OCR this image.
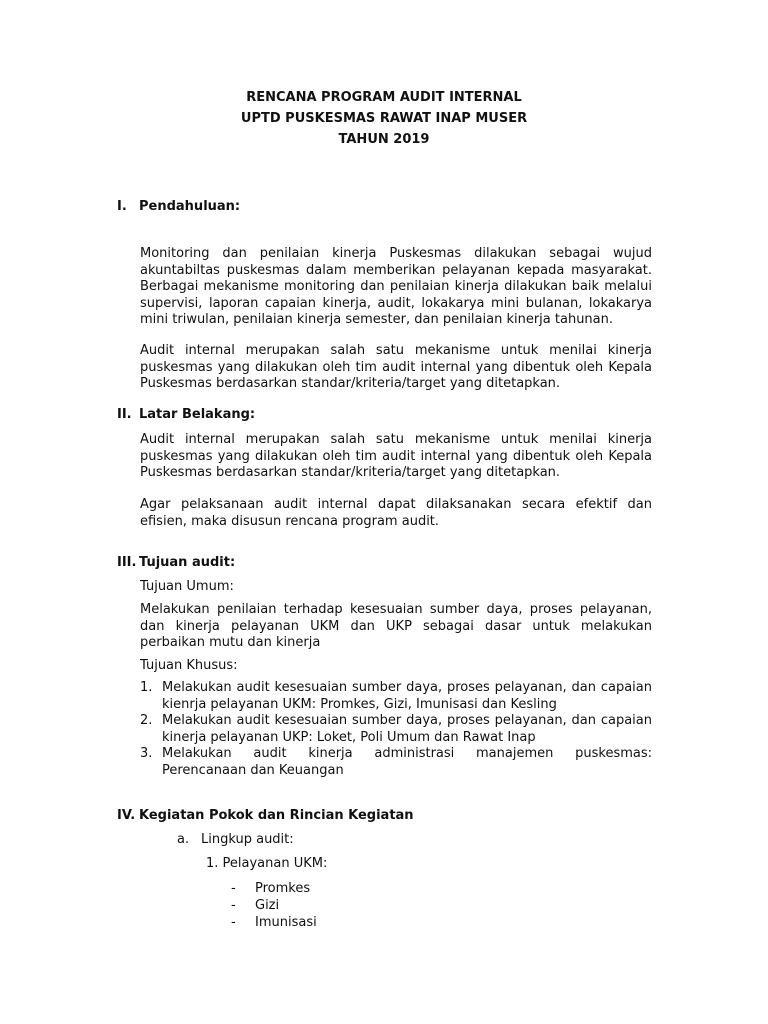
RENCANA PROGRAM AUDIT INTERNAL
UPTD PUSKESMAS RAWAT INAP MUSER
TAHUN 2019
I. Pendahuluan:
Monitoring dan penilaian kinerja Puskesmas dilakukan sebagai wujud akuntabiltas puskesmas dalam memberikan pelayanan kepada masyarakat. Berbagai mekanisme monitoring dan penilaian kinerja dilakukan baik melalui supervisi, laporan capaian kinerja, audit, lokakarya mini bulanan, lokakarya mini triwulan, penilaian kinerja semester, dan penilaian kinerja tahunan.
Audit internal merupakan salah satu mekanisme untuk menilai kinerja puskesmas yang dilakukan oleh tim audit internal yang dibentuk oleh Kepala Puskesmas berdasarkan standar/kriteria/target yang ditetapkan.
II. Latar Belakang:
Audit internal merupakan salah satu mekanisme untuk menilai kinerja puskesmas yang dilakukan oleh tim audit internal yang dibentuk oleh Kepala Puskesmas berdasarkan standar/kriteria/target yang ditetapkan.
Agar pelaksanaan audit internal dapat dilaksanakan secara efektif dan efisien, maka disusun rencana program audit.
III. Tujuan audit:
Tujuan Umum:
Melakukan penilaian terhadap kesesuaian sumber daya, proses pelayanan, dan kinerja pelayanan UKM dan UKP sebagai dasar untuk melakukan perbaikan mutu dan kinerja
Tujuan Khusus:
1. Melakukan audit kesesuaian sumber daya, proses pelayanan, dan capaian kienrja pelayanan UKM: Promkes, Gizi, Imunisasi dan Kesling
2. Melakukan audit kesesuaian sumber daya, proses pelayanan, dan capaian kinerja pelayanan UKP: Loket, Poli Umum dan Rawat Inap
3. Melakukan audit kinerja administrasi manajemen puskesmas: Perencanaan dan Keuangan
IV. Kegiatan Pokok dan Rincian Kegiatan
a. Lingkup audit:
1. Pelayanan UKM:
- Promkes
- Gizi
- Imunisasi
